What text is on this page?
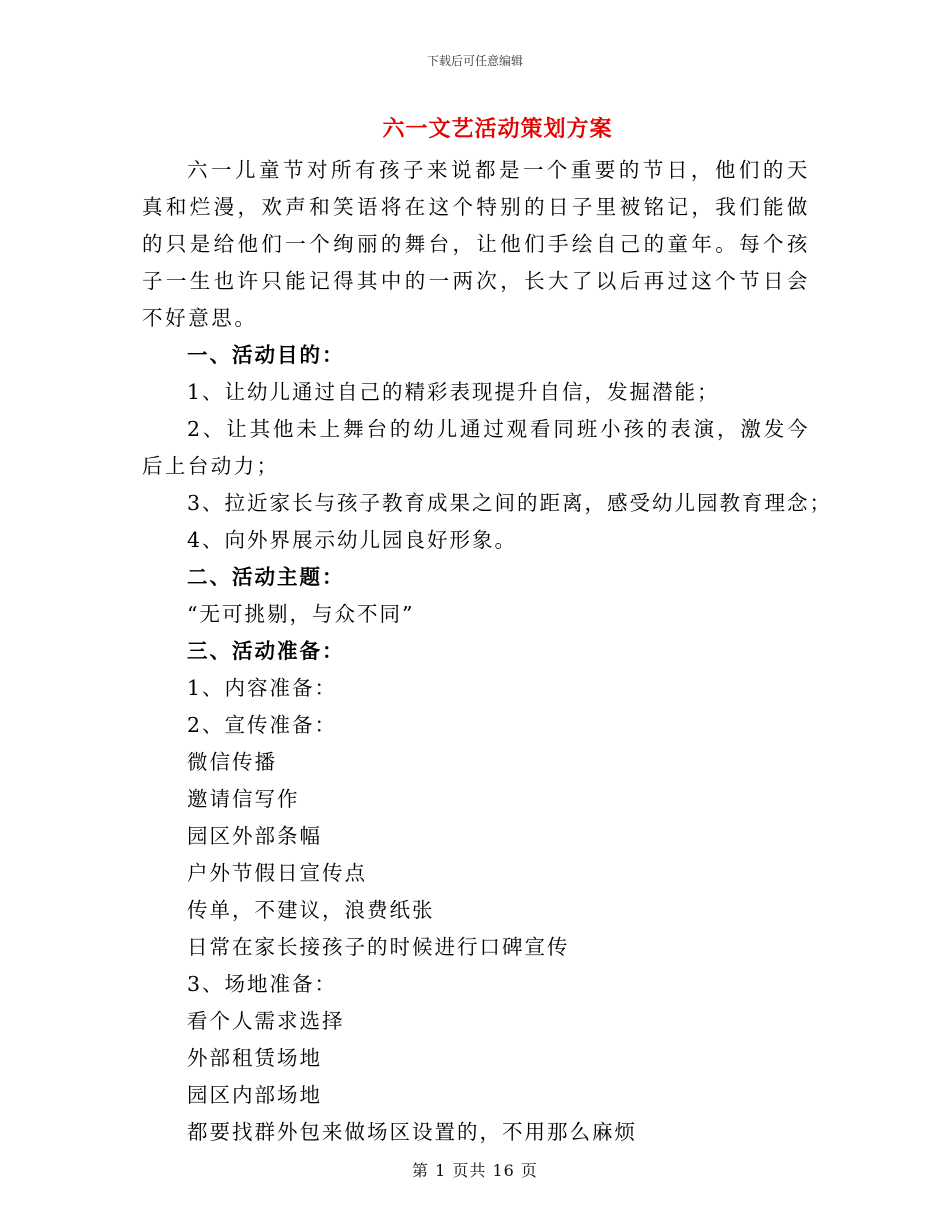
下载后可任意编辑
六一文艺活动策划方案

六一儿童节对所有孩子来说都是一个重要的节日，他们的天真和烂漫，欢声和笑语将在这个特别的日子里被铭记，我们能做的只是给他们一个绚丽的舞台，让他们手绘自己的童年。每个孩子一生也许只能记得其中的一两次，长大了以后再过这个节日会不好意思。

一、活动目的：

1、让幼儿通过自己的精彩表现提升自信，发掘潜能；

2、让其他未上舞台的幼儿通过观看同班小孩的表演，激发今后上台动力；

3、拉近家长与孩子教育成果之间的距离，感受幼儿园教育理念；

4、向外界展示幼儿园良好形象。

二、活动主题：

“无可挑剔，与众不同”

三、活动准备：

1、内容准备：

2、宣传准备：

微信传播

邀请信写作

园区外部条幅

户外节假日宣传点

传单，不建议，浪费纸张

日常在家长接孩子的时候进行口碑宣传

3、场地准备：

看个人需求选择

外部租赁场地

园区内部场地

都要找群外包来做场区设置的，不用那么麻烦

第 1 页共 16 页
